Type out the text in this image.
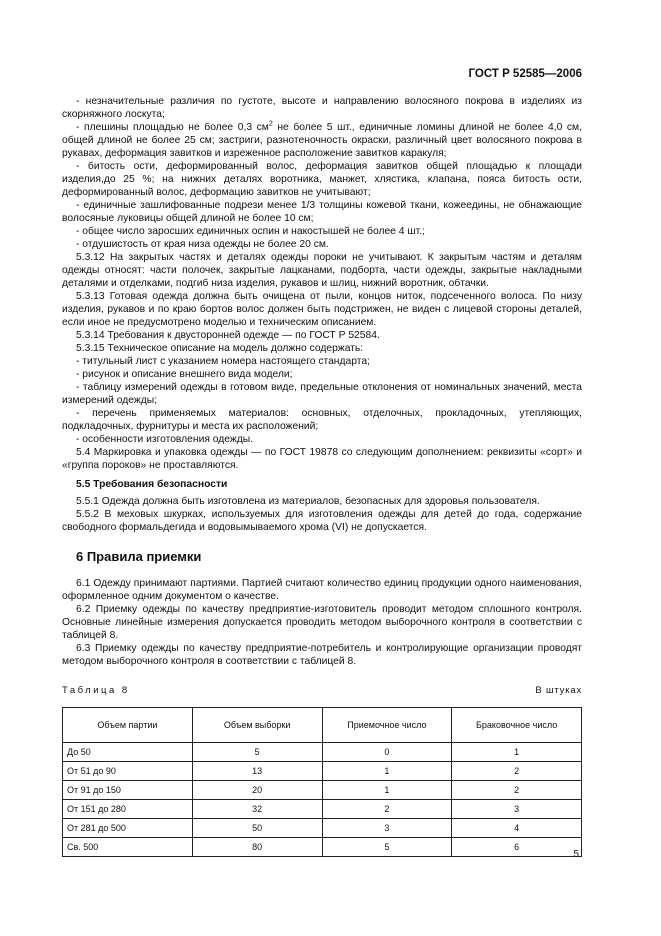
ГОСТ Р 52585—2006

- незначительные различия по густоте, высоте и направлению волосяного покрова в изделиях из скорняжного лоскута;

- плешины площадью не более 0,3 $см^2$ не более 5 шт., единичные ломины длиной не более 4,0 см, общей длиной не более 25 см; застриги, разнотеночность окраски, различный цвет волосяного покрова в рукавах, деформация завитков и изреженное расположение завитков каракуля;

- битость ости, деформированный волос, деформация завитков общей площадью к площади изделия,до 25 %; на нижних деталях воротника, манжет, хлястика, клапана, пояса битость ости, деформированный волос, деформацию завитков не учитывают;

- единичные зашлифованные подрези менее 1/3 толщины кожевой ткани, кожеедины, не обнажающие волосяные луковицы общей длиной не более 10 см;

- общее число заросших единичных оспин и накостышей не более 4 шт.;

- отдушистость от края низа одежды не более 20 см.

5.3.12 На закрытых частях и деталях одежды пороки не учитывают. К закрытым частям и деталям одежды относят: части полочек, закрытые лацканами, подборта, части одежды, закрытые накладными деталями и отделками, подгиб низа изделия, рукавов и шлиц, нижний воротник, обтачки.

5.3.13 Готовая одежда должна быть очищена от пыли, концов ниток, подсеченного волоса. По низу изделия, рукавов и по краю бортов волос должен быть подстрижен, не виден с лицевой стороны деталей, если иное не предусмотрено моделью и техническим описанием.

5.3.14 Требования к двусторонней одежде — по ГОСТ Р 52584.

5.3.15 Техническое описание на модель должно содержать:

- титульный лист с указанием номера настоящего стандарта;

- рисунок и описание внешнего вида модели;

- таблицу измерений одежды в готовом виде, предельные отклонения от номинальных значений, места измерений одежды;

- перечень применяемых материалов: основных, отделочных, прокладочных, утепляющих, подкладочных, фурнитуры и места их расположений;

- особенности изготовления одежды.

5.4 Маркировка и упаковка одежды — по ГОСТ 19878 со следующим дополнением: реквизиты «сорт» и «группа пороков» не проставляются.

5.5 Требования безопасности

5.5.1 Одежда должна быть изготовлена из материалов, безопасных для здоровья пользователя.

5.5.2 В меховых шкурках, используемых для изготовления одежды для детей до года, содержание свободного формальдегида и водовымываемого хрома (VI) не допускается.

6 Правила приемки

6.1 Одежду принимают партиями. Партией считают количество единиц продукции одного наименования, оформленное одним документом о качестве.

6.2 Приемку одежды по качеству предприятие-изготовитель проводит методом сплошного контроля. Основные линейные измерения допускается проводить методом выборочного контроля в соответствии с таблицей 8.

6.3 Приемку одежды по качеству предприятие-потребитель и контролирующие организации проводят методом выборочного контроля в соответствии с таблицей 8.

Таблица 8	В штуках
Объем партии	Объем выборки	Приемочное число	Браковочное число
До 50	5	0	1
От 51 до 90	13	1	2
От 91 до 150	20	1	2
От 151 до 280	32	2	3
От 281 до 500	50	3	4
Св. 500	80	5	6
5
